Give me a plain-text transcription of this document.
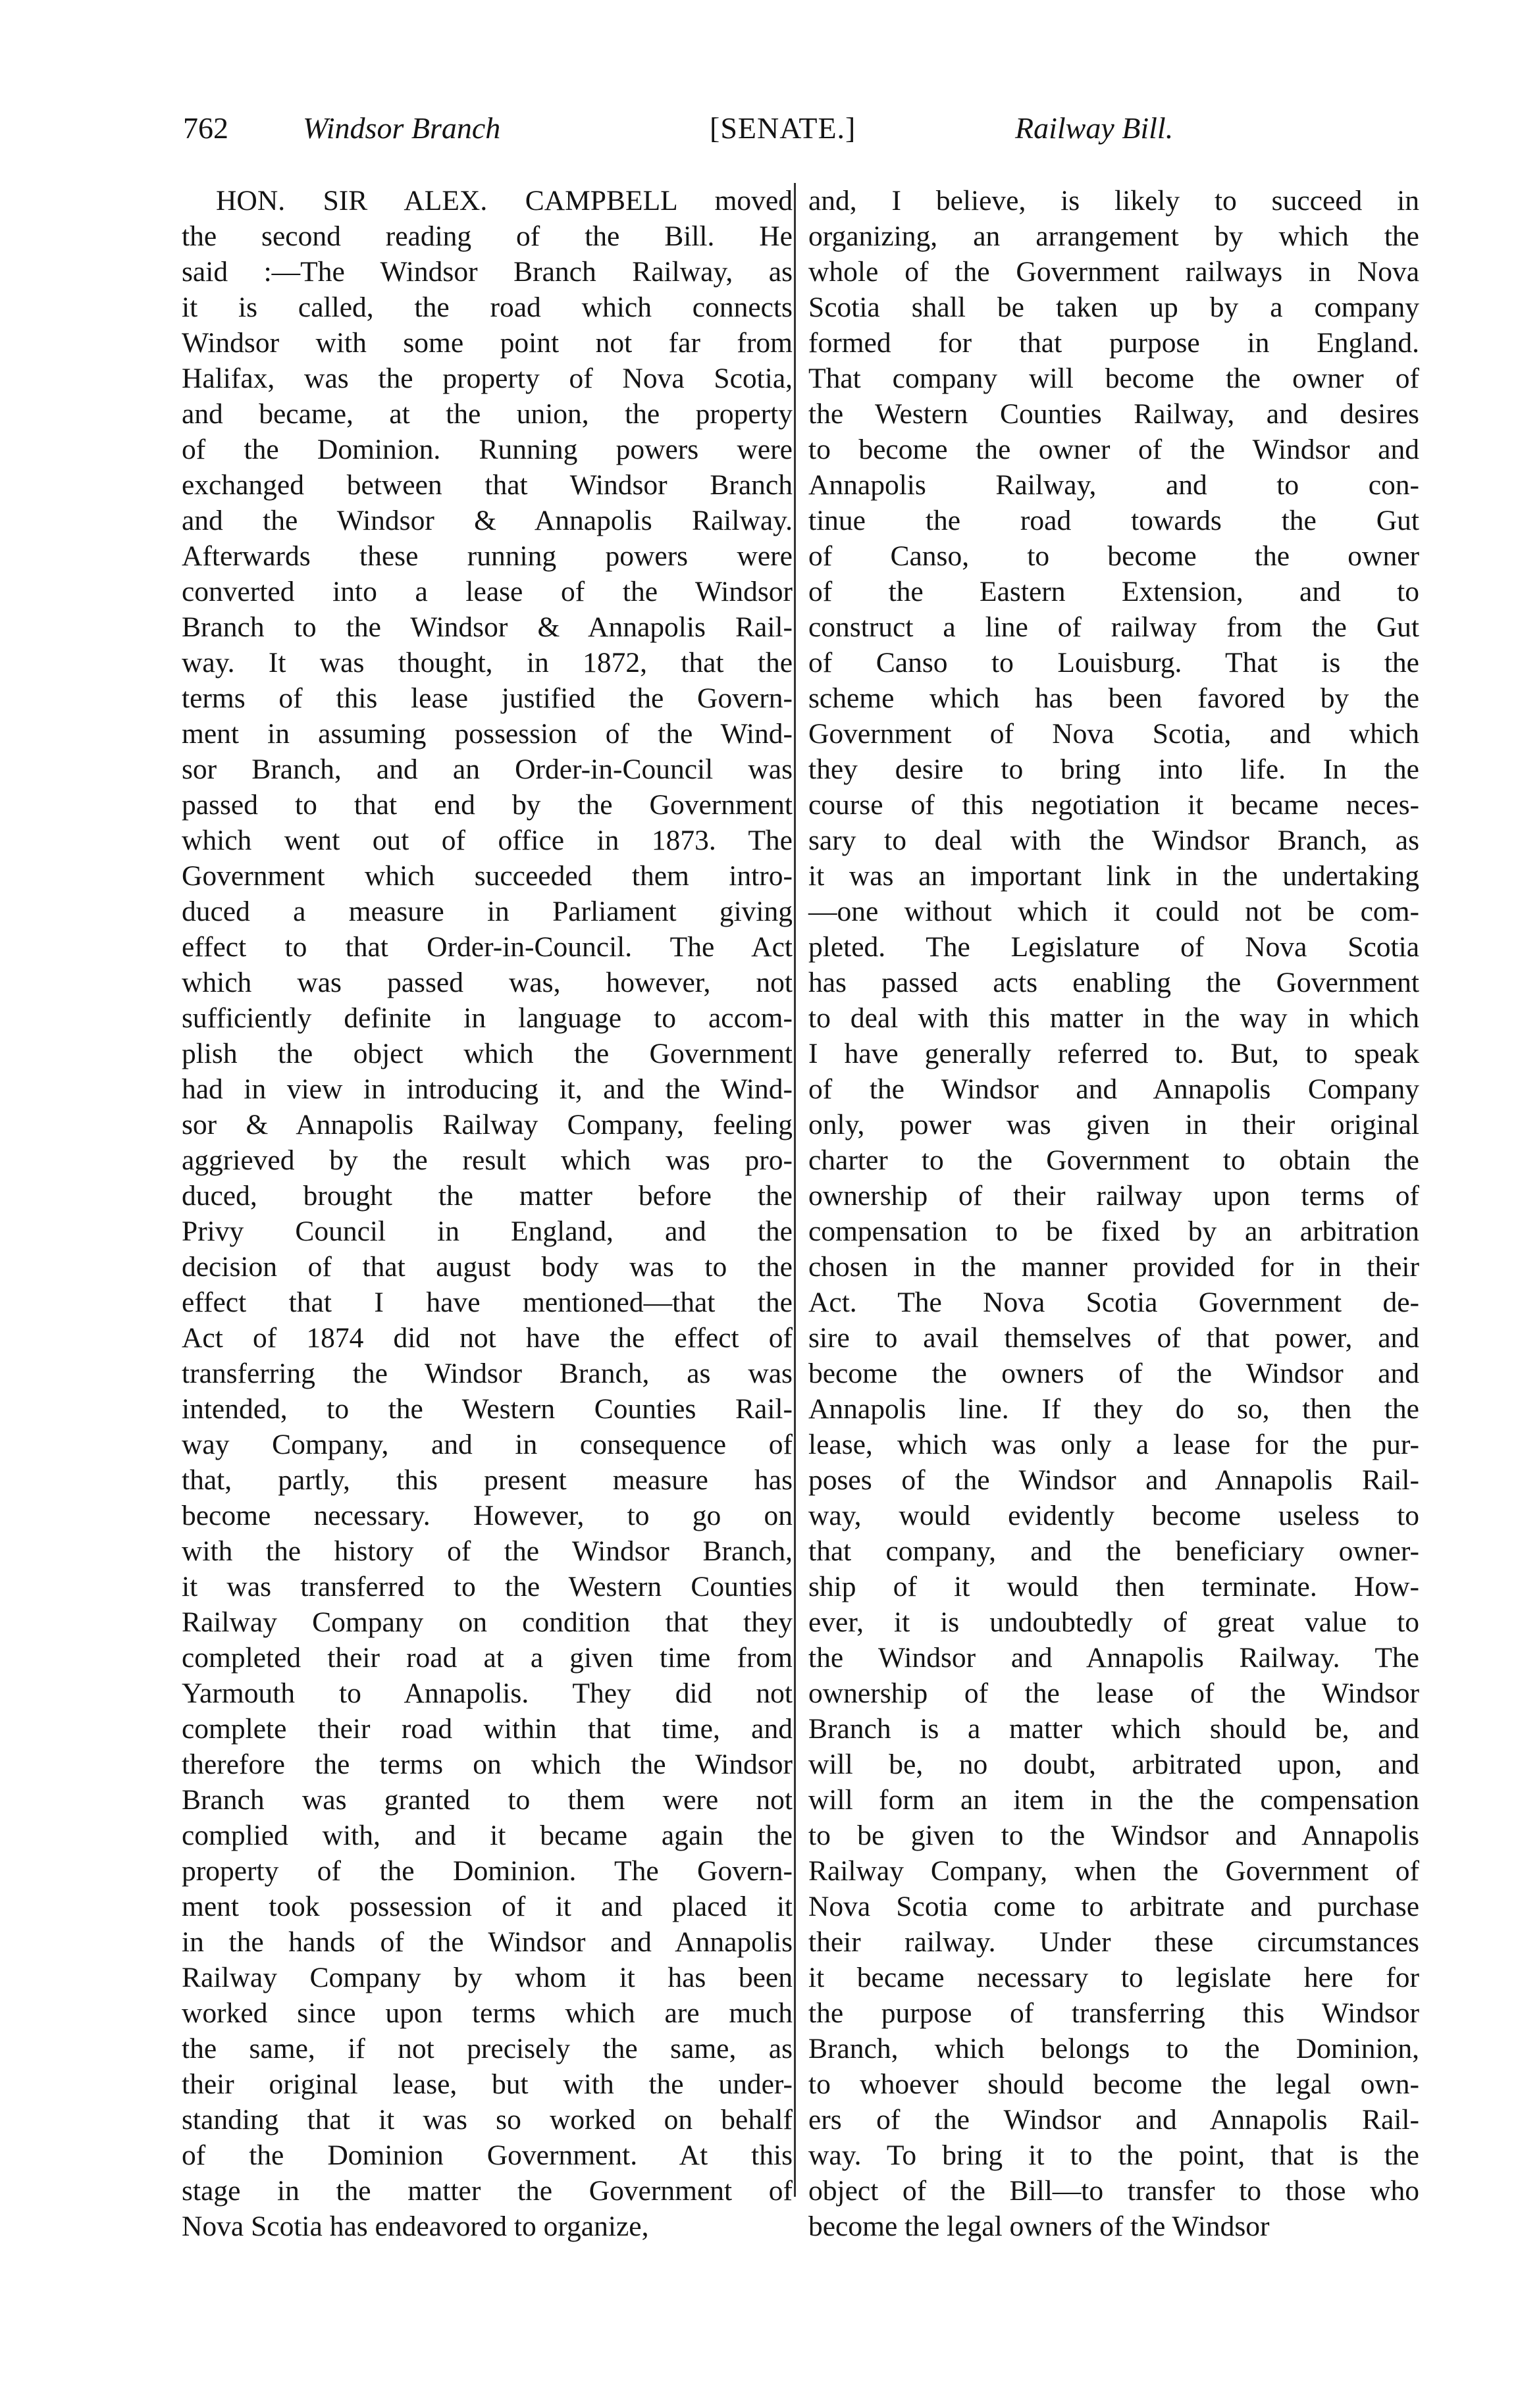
762 Windsor Branch	[SENATE.]	Railway Bill.
HON. SIR ALEX. CAMPBELL moved
the second reading of the Bill. He
said :—The Windsor Branch Railway, as
it is called, the road which connects
Windsor with some point not far from
Halifax, was the property of Nova Scotia,
and became, at the union, the property
of the Dominion. Running powers were
exchanged between that Windsor Branch
and the Windsor & Annapolis Railway.
Afterwards these running powers were
converted into a lease of the Windsor
Branch to the Windsor & Annapolis Rail-
way. It was thought, in 1872, that the
terms of this lease justified the Govern-
ment in assuming possession of the Wind-
sor Branch, and an Order-in-Council was
passed to that end by the Government
which went out of office in 1873. The
Government which succeeded them intro-
duced a measure in Parliament giving
effect to that Order-in-Council. The Act
which was passed was, however, not
sufficiently definite in language to accom-
plish the object which the Government
had in view in introducing it, and the Wind-
sor & Annapolis Railway Company, feeling
aggrieved by the result which was pro-
duced, brought the matter before the
Privy Council in England, and the
decision of that august body was to the
effect that I have mentioned—that the
Act of 1874 did not have the effect of
transferring the Windsor Branch, as was
intended, to the Western Counties Rail-
way Company, and in consequence of
that, partly, this present measure has
become necessary. However, to go on
with the history of the Windsor Branch,
it was transferred to the Western Counties
Railway Company on condition that they
completed their road at a given time from
Yarmouth to Annapolis. They did not
complete their road within that time, and
therefore the terms on which the Windsor
Branch was granted to them were not
complied with, and it became again the
property of the Dominion. The Govern-
ment took possession of it and placed it
in the hands of the Windsor and Annapolis
Railway Company by whom it has been
worked since upon terms which are much
the same, if not precisely the same, as
their original lease, but with the under-
standing that it was so worked on behalf
of the Dominion Government. At this
stage in the matter the Government of
Nova Scotia has endeavored to organize,
and, I believe, is likely to succeed in
organizing, an arrangement by which the
whole of the Government railways in Nova
Scotia shall be taken up by a company
formed for that purpose in England.
That company will become the owner of
the Western Counties Railway, and desires
to become the owner of the Windsor and
Annapolis Railway, and to con-
tinue the road towards the Gut
of Canso, to become the owner
of the Eastern Extension, and to
construct a line of railway from the Gut
of Canso to Louisburg. That is the
scheme which has been favored by the
Government of Nova Scotia, and which
they desire to bring into life. In the
course of this negotiation it became neces-
sary to deal with the Windsor Branch, as
it was an important link in the undertaking
—one without which it could not be com-
pleted. The Legislature of Nova Scotia
has passed acts enabling the Government
to deal with this matter in the way in which
I have generally referred to. But, to speak
of the Windsor and Annapolis Company
only, power was given in their original
charter to the Government to obtain the
ownership of their railway upon terms of
compensation to be fixed by an arbitration
chosen in the manner provided for in their
Act. The Nova Scotia Government de-
sire to avail themselves of that power, and
become the owners of the Windsor and
Annapolis line. If they do so, then the
lease, which was only a lease for the pur-
poses of the Windsor and Annapolis Rail-
way, would evidently become useless to
that company, and the beneficiary owner-
ship of it would then terminate. How-
ever, it is undoubtedly of great value to
the Windsor and Annapolis Railway. The
ownership of the lease of the Windsor
Branch is a matter which should be, and
will be, no doubt, arbitrated upon, and
will form an item in the the compensation
to be given to the Windsor and Annapolis
Railway Company, when the Government of
Nova Scotia come to arbitrate and purchase
their railway. Under these circumstances
it became necessary to legislate here for
the purpose of transferring this Windsor
Branch, which belongs to the Dominion,
to whoever should become the legal own-
ers of the Windsor and Annapolis Rail-
way. To bring it to the point, that is the
object of the Bill—to transfer to those who
become the legal owners of the Windsor
